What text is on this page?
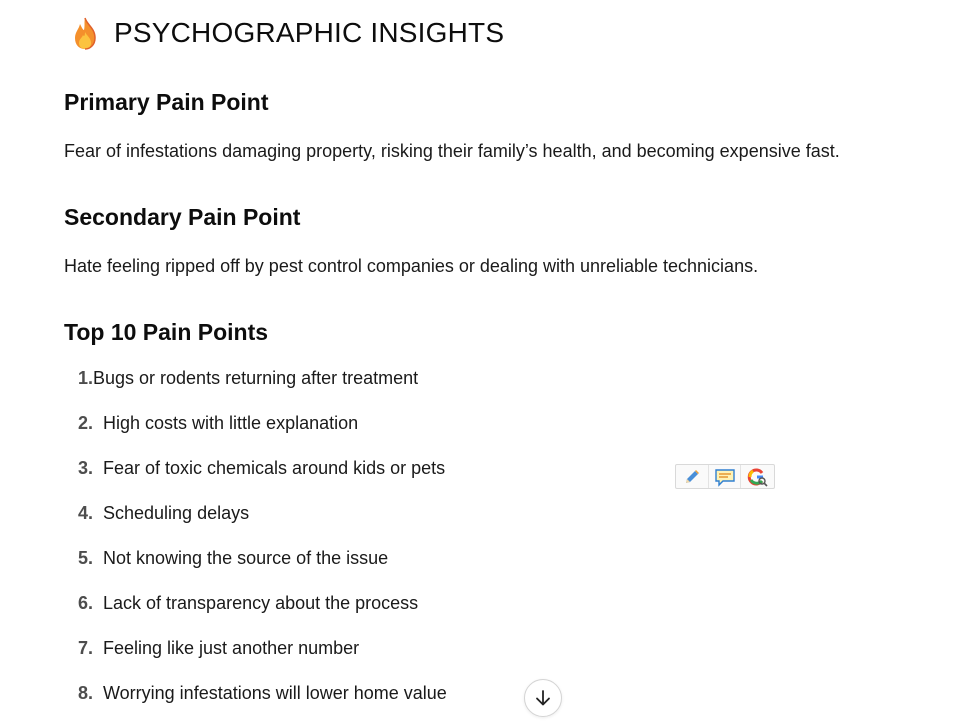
PSYCHOGRAPHIC INSIGHTS
Primary Pain Point

Fear of infestations damaging property, risking their family’s health, and becoming expensive fast.

Secondary Pain Point

Hate feeling ripped off by pest control companies or dealing with unreliable technicians.

Top 10 Pain Points
1. Bugs or rodents returning after treatment
2. High costs with little explanation
3. Fear of toxic chemicals around kids or pets
4. Scheduling delays
5. Not knowing the source of the issue
6. Lack of transparency about the process
7. Feeling like just another number
8. Worrying infestations will lower home value
